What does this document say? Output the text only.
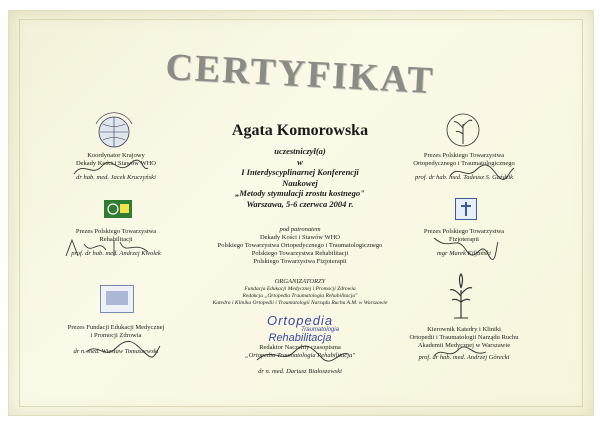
CERTYFIKAT
Agata Komorowska
uczestniczył(a)
w
I Interdyscyplinarnej Konferencji
Naukowej
„Metody stymulacji zrostu kostnego"
Warszawa, 5-6 czerwca 2004 r.
pod patronatem
Dekady Kości i Stawów WHO
Polskiego Towarzystwa Ortopedycznego i Traumatologicznego
Polskiego Towarzystwa Rehabilitacji
Polskiego Towarzystwa Fizjoterapii
ORGANIZATORZY
Fundacja Edukacji Medycznej i Promocji Zdrowia
Redakcja „Ortopedia Traumatologia Rehabilitacja"
Katedra i Klinika Ortopedii i Traumatologii Narządu Ruchu A.M. w Warszawie
Ortopedia
Traumatologia
Rehabilitacja
Redaktor Naczelny czasopisma
„Ortopedia Traumatologia Rehabilitacja"
dr n. med. Dariusz Białoszewski
Koordynator Krajowy
Dekady Kości i Stawów WHO
dr hab. med. Jacek Kruczyński
Prezes Polskiego Towarzystwa
Rehabilitacji
prof. dr hab. med. Andrzej Kwolek
Prezes Fundacji Edukacji Medycznej
i Promocji Zdrowia
dr n. med. Wiesław Tomaszewski
Prezes Polskiego Towarzystwa
Ortopedycznego i Traumatologicznego
prof. dr hab. med. Tadeusz S. Gaździk
Prezes Polskiego Towarzystwa
Fizjoterapii
mgr Marek Kiljański
Kierownik Katedry i Kliniki
Ortopedii i Traumatologii Narządu Ruchu
Akademii Medycznej w Warszawie
prof. dr hab. med. Andrzej Górecki
